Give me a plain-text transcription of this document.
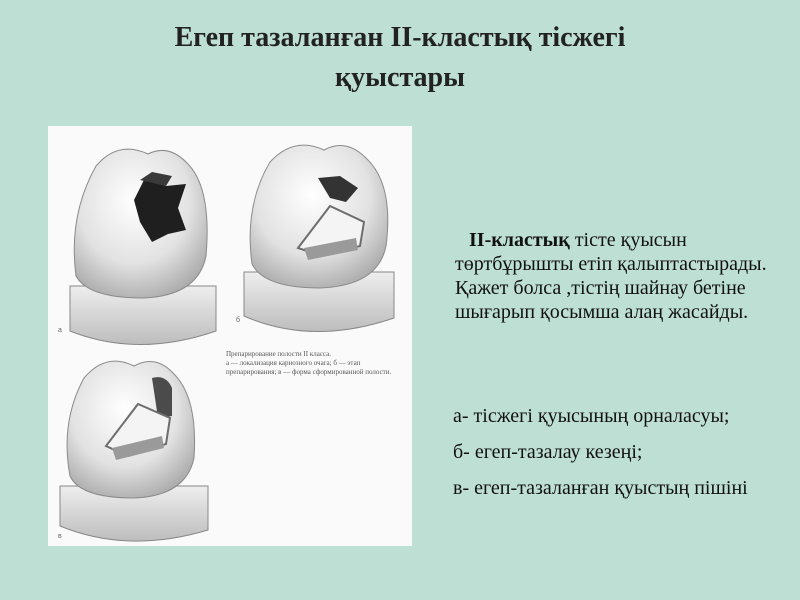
Егеп тазаланған ІІ-кластық тісжегі
қуыстары
а
б
в
Препарирование полости II класса.
а — локализация кариозного очага; б — этап препарирования; в — форма сформированной полости.
ІІ-кластық тісте қуысын төртбұрышты етіп қалыптастырады. Қажет болса ,тістің шайнау бетіне шығарып қосымша алаң жасайды.
а- тісжегі қуысының орналасуы;
б- егеп-тазалау кезеңі;
в- егеп-тазаланған қуыстың пішіні
